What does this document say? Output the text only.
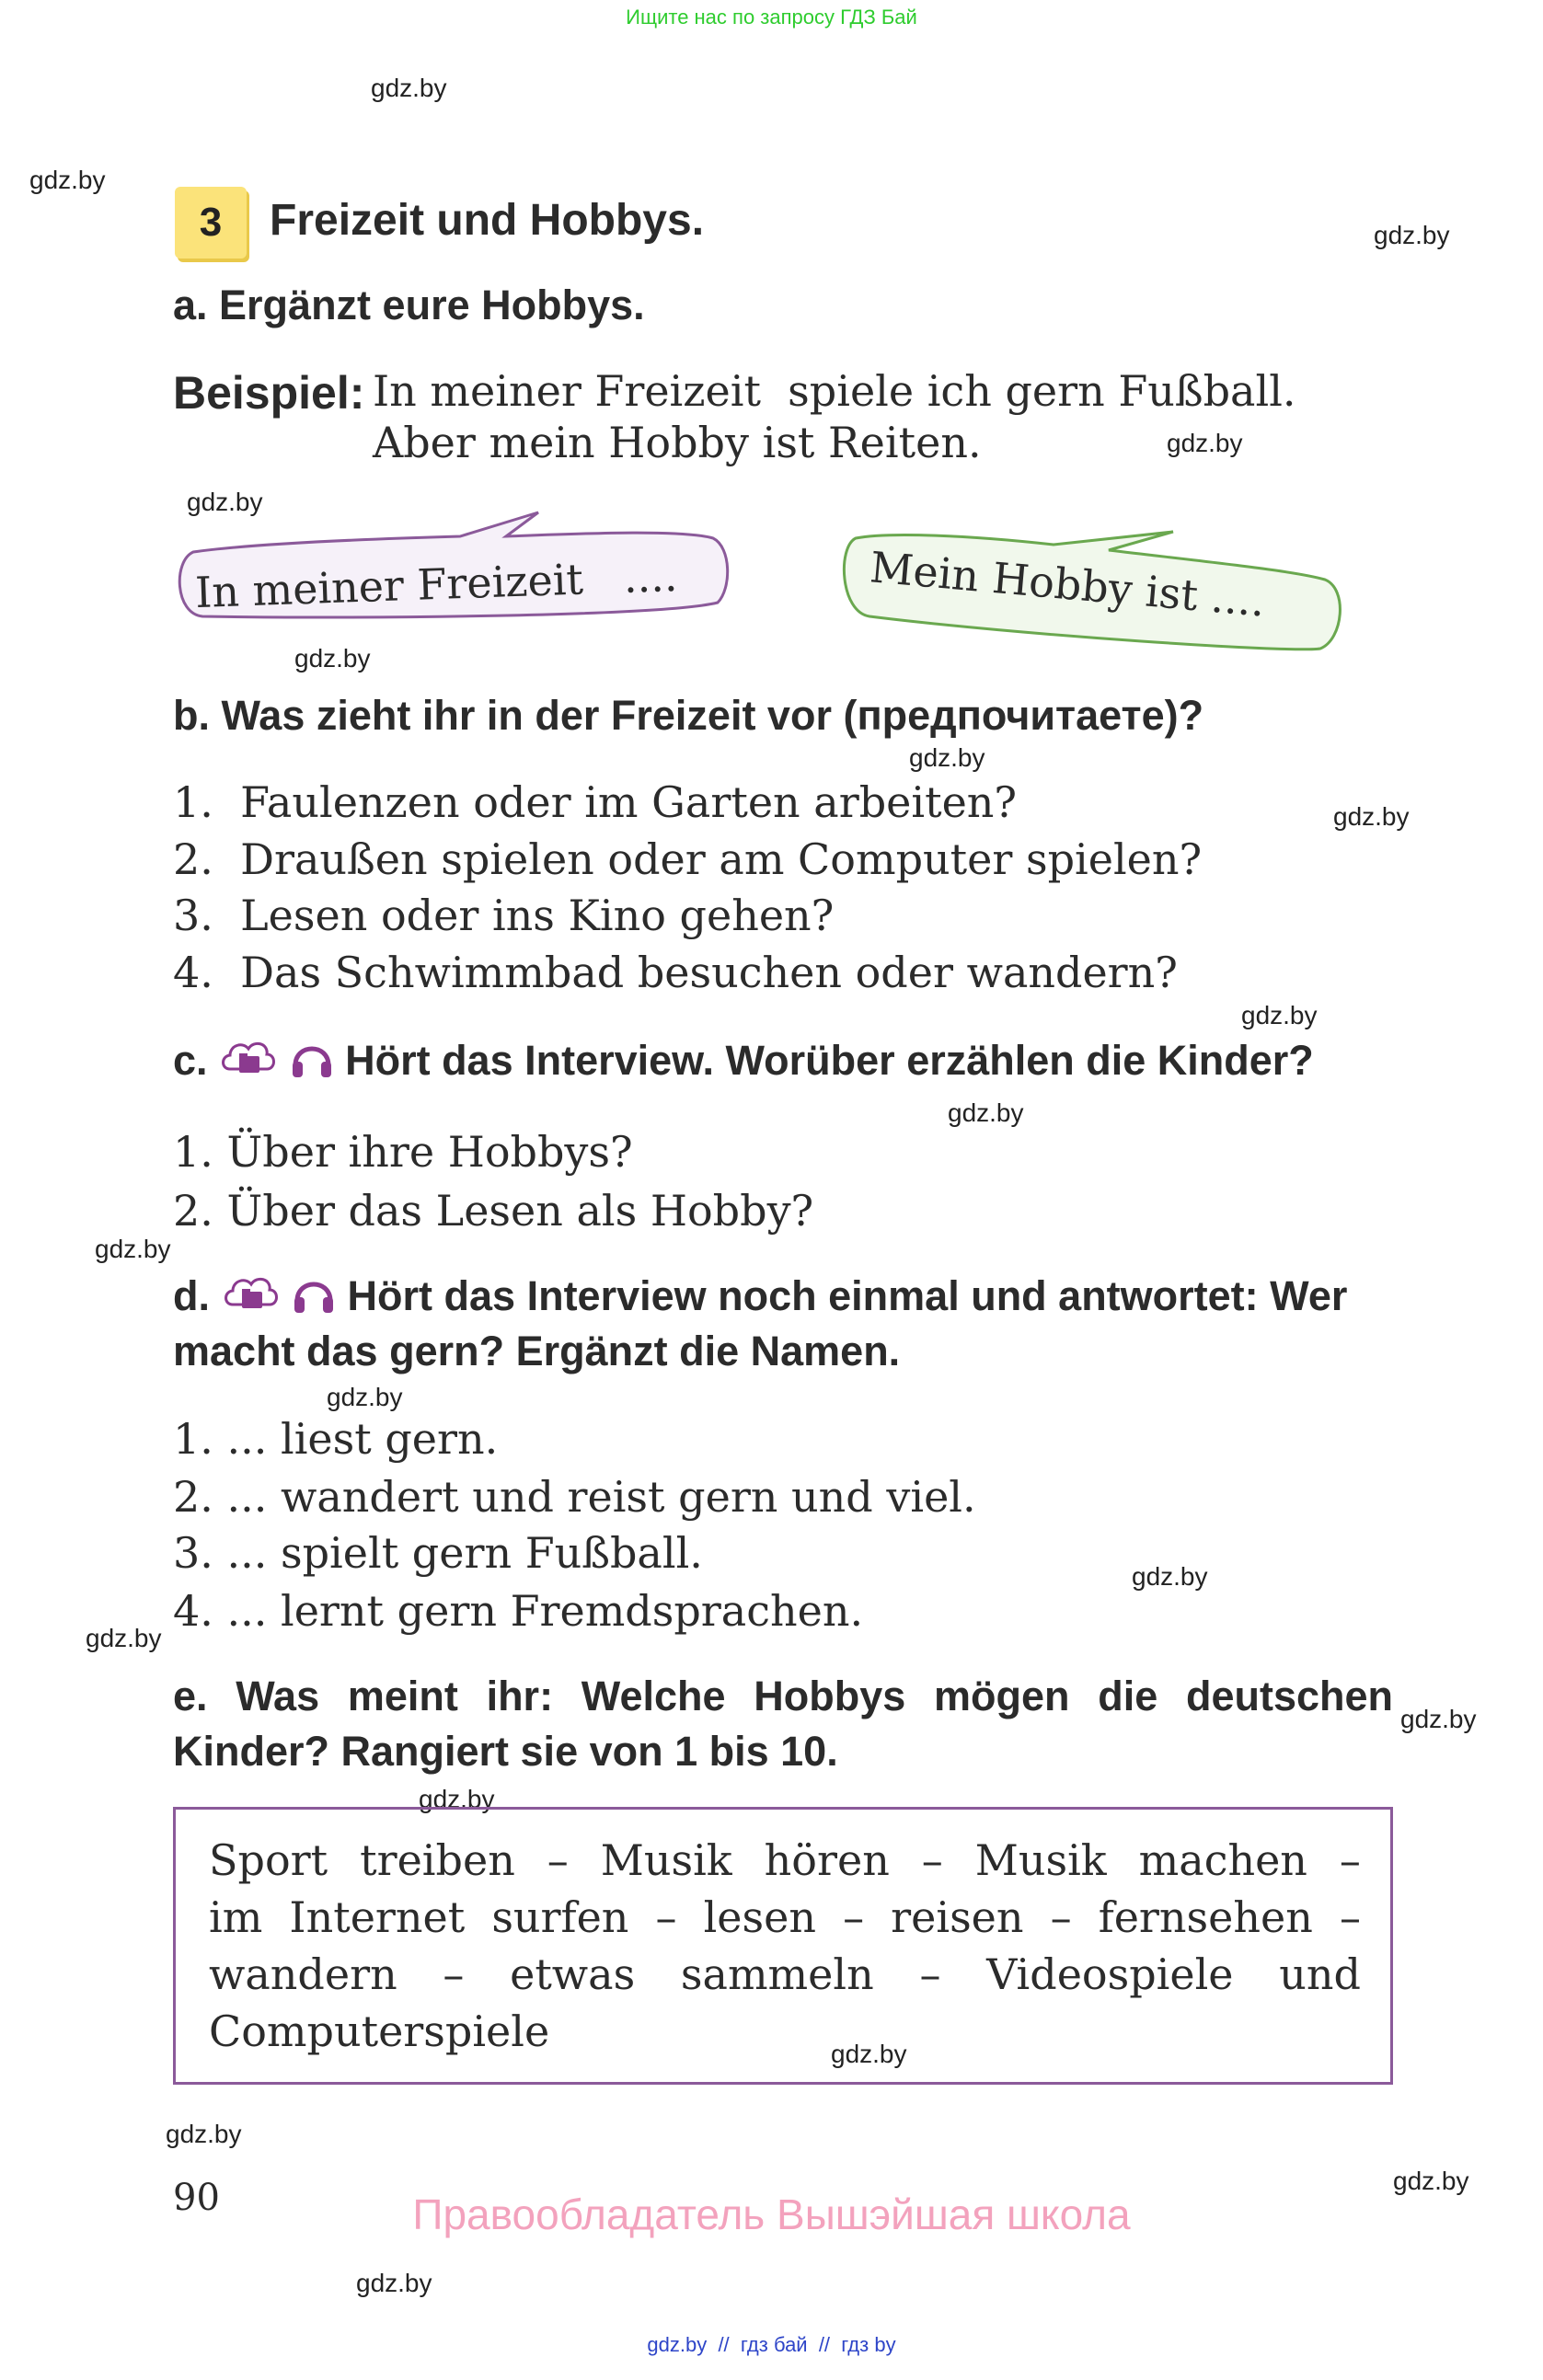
Ищите нас по запросу ГДЗ Бай
gdz.by
gdz.by
gdz.by
gdz.by
gdz.by
gdz.by
gdz.by
gdz.by
gdz.by
gdz.by
gdz.by
gdz.by
gdz.by
gdz.by
gdz.by
gdz.by
gdz.by
gdz.by
gdz.by
gdz.by
3	Freizeit und Hobbys.
a. Ergänzt eure Hobbys.
Beispiel: In meiner Freizeit  spiele ich gern Fußball.
Aber mein Hobby ist Reiten.
In meiner Freizeit   ....	Mein Hobby ist ....
b. Was zieht ihr in der Freizeit vor (предпочитаете)?
1.  Faulenzen oder im Garten arbeiten?
2.  Draußen spielen oder am Computer spielen?
3.  Lesen oder ins Kino gehen?
4.  Das Schwimmbad besuchen oder wandern?
c.	Hört das Interview. Worüber erzählen die Kinder?
1. Über ihre Hobbys?
2. Über das Lesen als Hobby?
d.	Hört das Interview noch einmal und antwortet: Wer
macht das gern? Ergänzt die Namen.
1. ... liest gern.
2. ... wandert und reist gern und viel.
3. ... spielt gern Fußball.
4. ... lernt gern Fremdsprachen.
e. Was meint ihr: Welche Hobbys mögen die deutschen
Kinder? Rangiert sie von 1 bis 10.
Sport treiben – Musik hören – Musik machen –
im Internet surfen – lesen – reisen – fernsehen –
wandern – etwas sammeln – Videospiele und
Computerspiele
90	Правообладатель Вышэйшая школа
gdz.by  //  гдз бай  //  гдз by
